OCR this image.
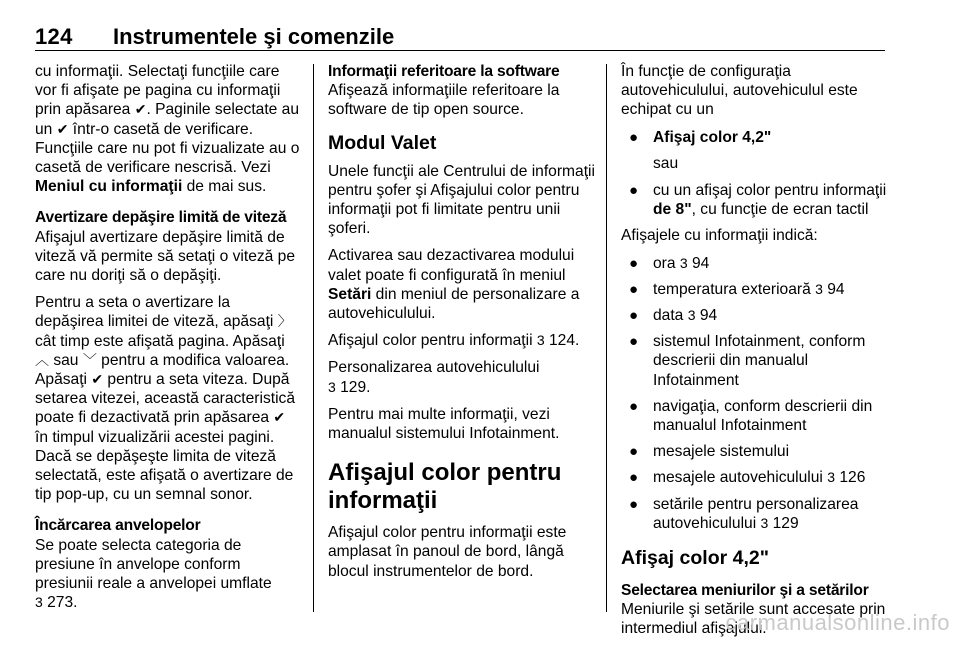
124 Instrumentele şi comenzile

cu informaţii. Selectaţi funcţiile care vor fi afişate pe pagina cu informaţii prin apăsarea ✔. Paginile selectate au un ✔ într-o casetă de verificare. Funcţiile care nu pot fi vizualizate au o casetă de verificare nescrisă. Vezi Meniul cu informaţii de mai sus.

Avertizare depăşire limită de viteză
Afişajul avertizare depăşire limită de viteză vă permite să setaţi o viteză pe care nu doriţi să o depăşiţi.

Pentru a seta o avertizare la depăşirea limitei de viteză, apăsaţi 〉 cât timp este afişată pagina. Apăsaţi ︿ sau ﹀ pentru a modifica valoarea. Apăsaţi ✔ pentru a seta viteza. După setarea vitezei, această caracteristică poate fi dezactivată prin apăsarea ✔ în timpul vizualizării acestei pagini. Dacă se depăşeşte limita de viteză selectată, este afişată o avertizare de tip pop-up, cu un semnal sonor.

Încărcarea anvelopelor
Se poate selecta categoria de presiune în anvelope conform presiunii reale a anvelopei umflate
3 273.

Informaţii referitoare la software
Afişează informaţiile referitoare la software de tip open source.

Modul Valet

Unele funcţii ale Centrului de informaţii pentru şofer şi Afişajului color pentru informaţii pot fi limitate pentru unii şoferi.

Activarea sau dezactivarea modului valet poate fi configurată în meniul Setări din meniul de personalizare a autovehiculului.

Afişajul color pentru informaţii 3 124.

Personalizarea autovehiculului
3 129.

Pentru mai multe informaţii, vezi manualul sistemului Infotainment.

Afişajul color pentru informaţii

Afişajul color pentru informaţii este amplasat în panoul de bord, lângă blocul instrumentelor de bord.

În funcţie de configuraţia autovehiculului, autovehiculul este echipat cu un

● Afişaj color 4,2"
sau
● cu un afişaj color pentru informaţii de 8", cu funcţie de ecran tactil

Afişajele cu informaţii indică:

● ora 3 94
● temperatura exterioară 3 94
● data 3 94
● sistemul Infotainment, conform descrierii din manualul Infotainment
● navigaţia, conform descrierii din manualul Infotainment
● mesajele sistemului
● mesajele autovehiculului 3 126
● setările pentru personalizarea autovehiculului 3 129

Afişaj color 4,2"

Selectarea meniurilor şi a setărilor
Meniurile şi setările sunt accesate prin intermediul afişajului.

carmanualsonline.info
